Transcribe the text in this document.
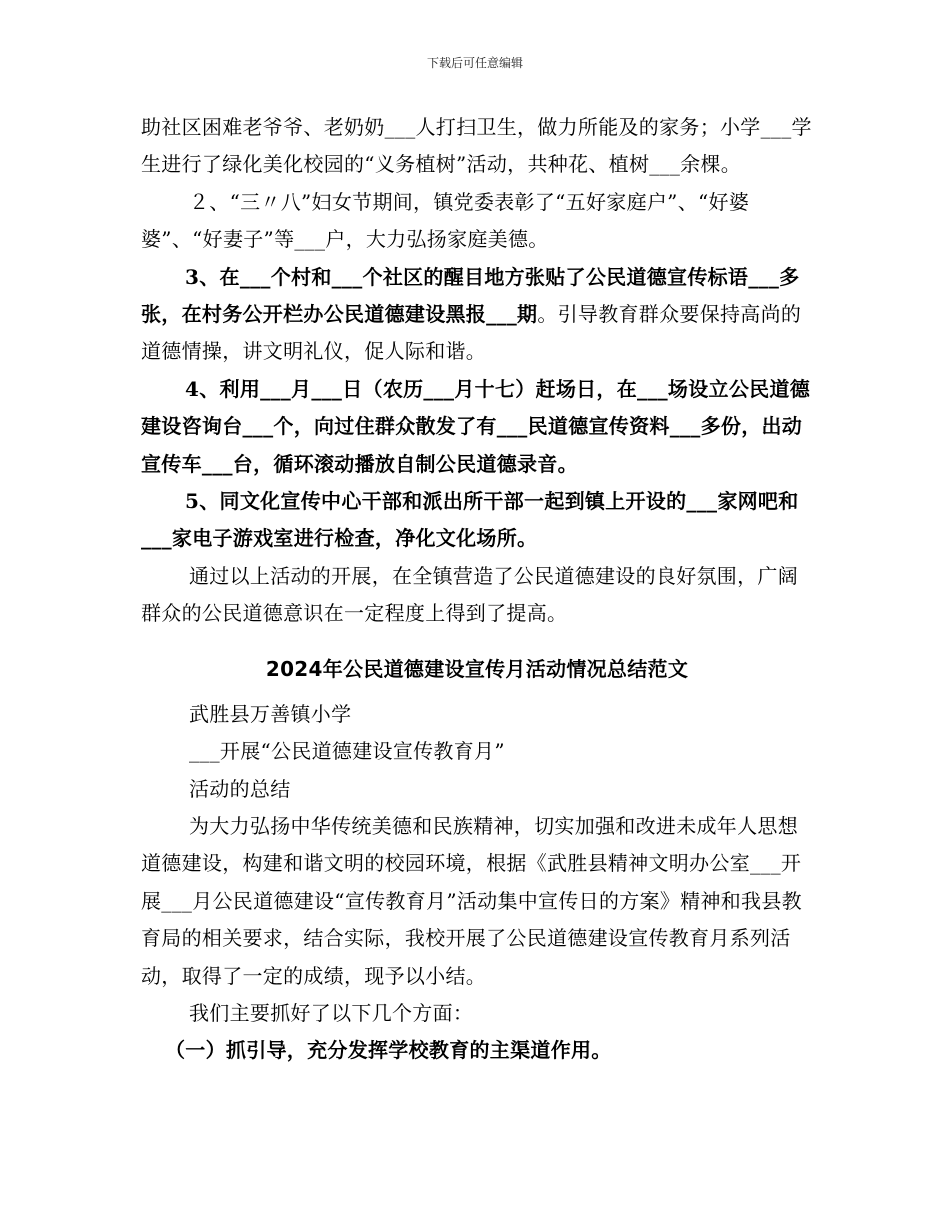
下载后可任意编辑

助社区困难老爷爷、老奶奶___人打扫卫生，做力所能及的家务；小学___学生进行了绿化美化校园的“义务植树”活动，共种花、植树___余棵。

２、“三〃八”妇女节期间，镇党委表彰了“五好家庭户”、“好婆婆”、“好妻子”等___户，大力弘扬家庭美德。

3、在___个村和___个社区的醒目地方张贴了公民道德宣传标语___多张，在村务公开栏办公民道德建设黑报___期。引导教育群众要保持高尚的道德情操，讲文明礼仪，促人际和谐。

4、利用___月___日（农历___月十七）赶场日，在___场设立公民道德建设咨询台___个，向过住群众散发了有___民道德宣传资料___多份，出动宣传车___台，循环滚动播放自制公民道德录音。

5、同文化宣传中心干部和派出所干部一起到镇上开设的___家网吧和___家电子游戏室进行检查，净化文化场所。

通过以上活动的开展，在全镇营造了公民道德建设的良好氛围，广阔群众的公民道德意识在一定程度上得到了提高。

2024年公民道德建设宣传月活动情况总结范文

武胜县万善镇小学

___开展“公民道德建设宣传教育月”

活动的总结

为大力弘扬中华传统美德和民族精神，切实加强和改进未成年人思想道德建设，构建和谐文明的校园环境，根据《武胜县精神文明办公室___开展___月公民道德建设“宣传教育月”活动集中宣传日的方案》精神和我县教育局的相关要求，结合实际，我校开展了公民道德建设宣传教育月系列活动，取得了一定的成绩，现予以小结。

我们主要抓好了以下几个方面：

（一）抓引导，充分发挥学校教育的主渠道作用。
